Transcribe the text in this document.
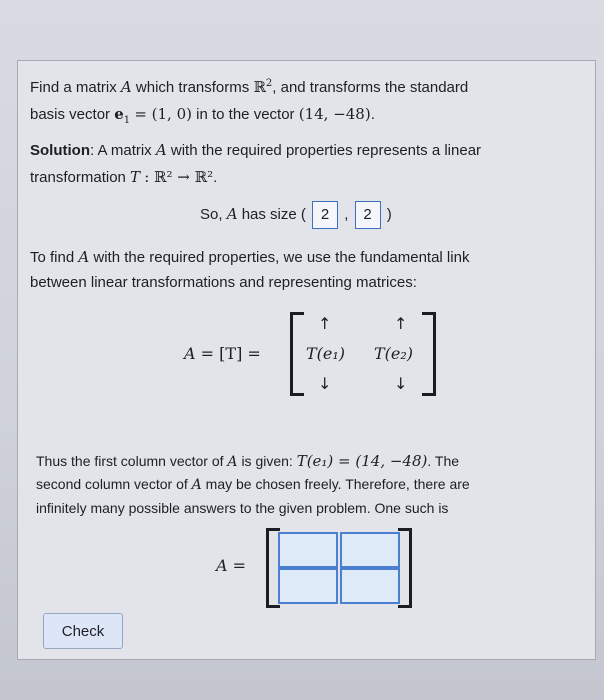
Find a matrix A which transforms ℝ$^2$, and transforms the standard
basis vector $e_1 = (1$, 0) in to the vector (14, −48).
Solution: A matrix A with the required properties represents a linear
transformation T : ℝ² → ℝ².
So, A has size ( 2 , 2 )
To find A with the required properties, we use the fundamental link
between linear transformations and representing matrices:
A = [T] =
↑	↑
T(e₁) T(e₂)
↓	↓
Thus the first column vector of A is given: T(e₁) = (14, −48). The
second column vector of A may be chosen freely. Therefore, there are
infinitely many possible answers to the given problem. One such is
A =
Check
